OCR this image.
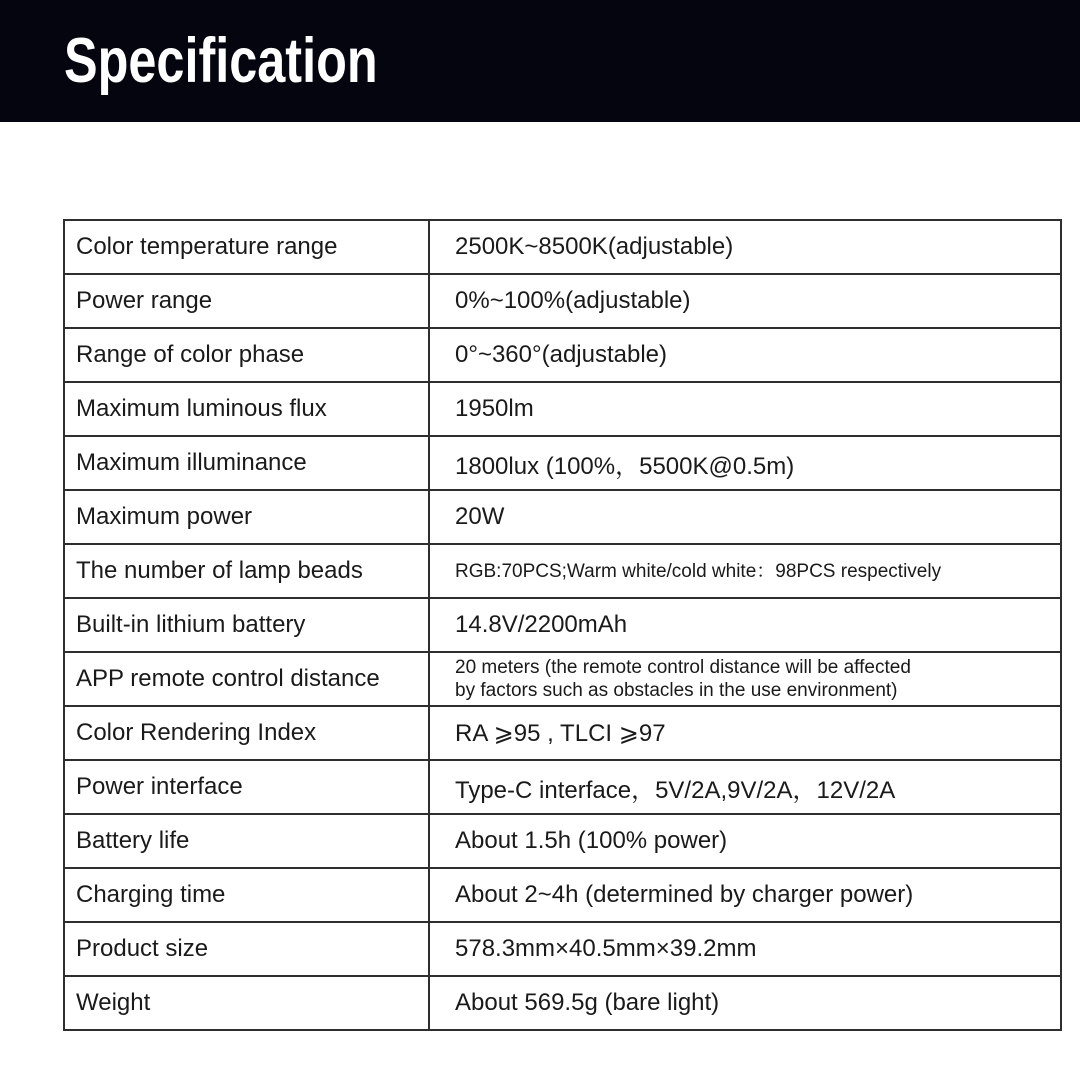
Specification
Color temperature range	2500K~8500K(adjustable)
Power range	0%~100%(adjustable)
Range of color phase	0°~360°(adjustable)
Maximum luminous flux	1950lm
Maximum illuminance	1800lux (100%，5500K@0.5m)
Maximum power	20W
The number of lamp beads	RGB:70PCS;Warm white/cold white：98PCS respectively
Built-in lithium battery	14.8V/2200mAh
APP remote control distance	20 meters (the remote control distance will be affected
by factors such as obstacles in the use environment)
Color Rendering Index	RA ⩾95 , TLCI ⩾97
Power interface	Type-C interface，5V/2A,9V/2A，12V/2A
Battery life	About 1.5h (100% power)
Charging time	About 2~4h (determined by charger power)
Product size	578.3mm×40.5mm×39.2mm
Weight	About 569.5g (bare light)
